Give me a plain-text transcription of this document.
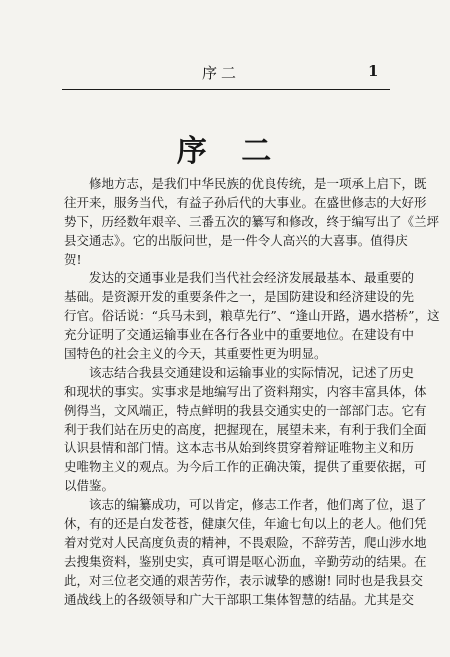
序二	1
序 二

修地方志，是我们中华民族的优良传统，是一项承上启下，既
往开来，服务当代，有益子孙后代的大事业。在盛世修志的大好形
势下，历经数年艰辛、三番五次的纂写和修改，终于编写出了《兰坪
县交通志》。它的出版问世，是一件令人高兴的大喜事。值得庆
贺!

发达的交通事业是我们当代社会经济发展最基本、最重要的
基础。是资源开发的重要条件之一，是国防建设和经济建设的先
行官。俗话说：“兵马未到，粮草先行”、“逢山开路，遇水搭桥”，这
充分证明了交通运输事业在各行各业中的重要地位。在建设有中
国特色的社会主义的今天，其重要性更为明显。

该志结合我县交通建设和运输事业的实际情况，记述了历史
和现状的事实。实事求是地编写出了资料翔实，内容丰富具体，体
例得当，文风端正，特点鲜明的我县交通实史的一部部门志。它有
利于我们站在历史的高度，把握现在，展望未来，有利于我们全面
认识县情和部门情。这本志书从始到终贯穿着辩证唯物主义和历
史唯物主义的观点。为今后工作的正确决策，提供了重要依据，可
以借鉴。

该志的编纂成功，可以肯定，修志工作者，他们离了位，退了
休，有的还是白发苍苍，健康欠佳，年逾七旬以上的老人。他们凭
着对党对人民高度负责的精神，不畏艰险，不辞劳苦，爬山涉水地
去搜集资料，鉴别史实，真可谓是呕心沥血，辛勤劳动的结果。在
此，对三位老交通的艰苦劳作，表示诚挚的感谢! 同时也是我县交
通战线上的各级领导和广大干部职工集体智慧的结晶。尤其是交
